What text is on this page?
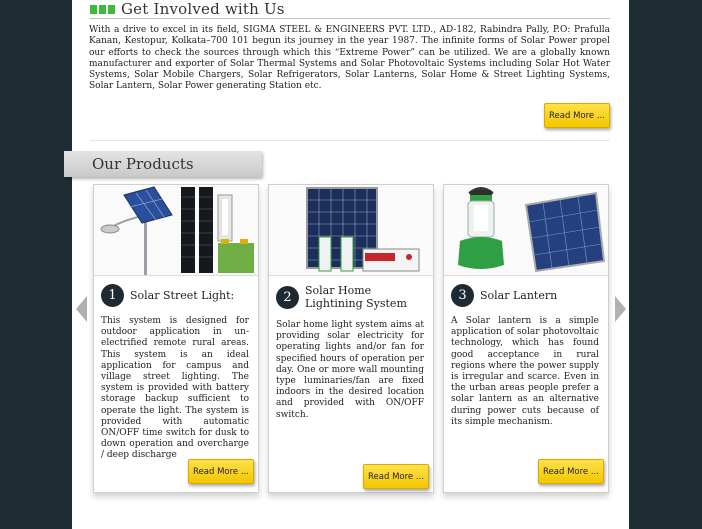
Get Involved with Us

With a drive to excel in its field, SIGMA STEEL & ENGINEERS PVT. LTD., AD-182, Rabindra Pally, P.O: Prafulla Kanan, Kestopur, Kolkata–700 101 begun its journey in the year 1987. The infinite forms of Solar Power propel our efforts to check the sources through which this “Extreme Power” can be utilized. We are a globally known manufacturer and exporter of Solar Thermal Systems and Solar Photovoltaic Systems including Solar Hot Water Systems, Solar Mobile Chargers, Solar Refrigerators, Solar Lanterns, Solar Home & Street Lighting Systems, Solar Lantern, Solar Power generating Station etc.

Read More ...
Our Products
1	Solar Street Light:

This system is designed for outdoor application in un-electrified remote rural areas. This system is an ideal application for campus and village street lighting. The system is provided with battery storage backup sufficient to operate the light. The system is provided with automatic ON/OFF time switch for dusk to down operation and overcharge / deep discharge

Read More ...
2	Solar Home Lightining System

Solar home light system aims at providing solar electricity for operating lights and/or fan for specified hours of operation per day. One or more wall mounting type luminaries/fan are fixed indoors in the desired location and provided with ON/OFF switch.

Read More ...
3	Solar Lantern

A Solar lantern is a simple application of solar photovoltaic technology, which has found good acceptance in rural regions where the power supply is irregular and scarce. Even in the urban areas people prefer a solar lantern as an alternative during power cuts because of its simple mechanism.

Read More ...
